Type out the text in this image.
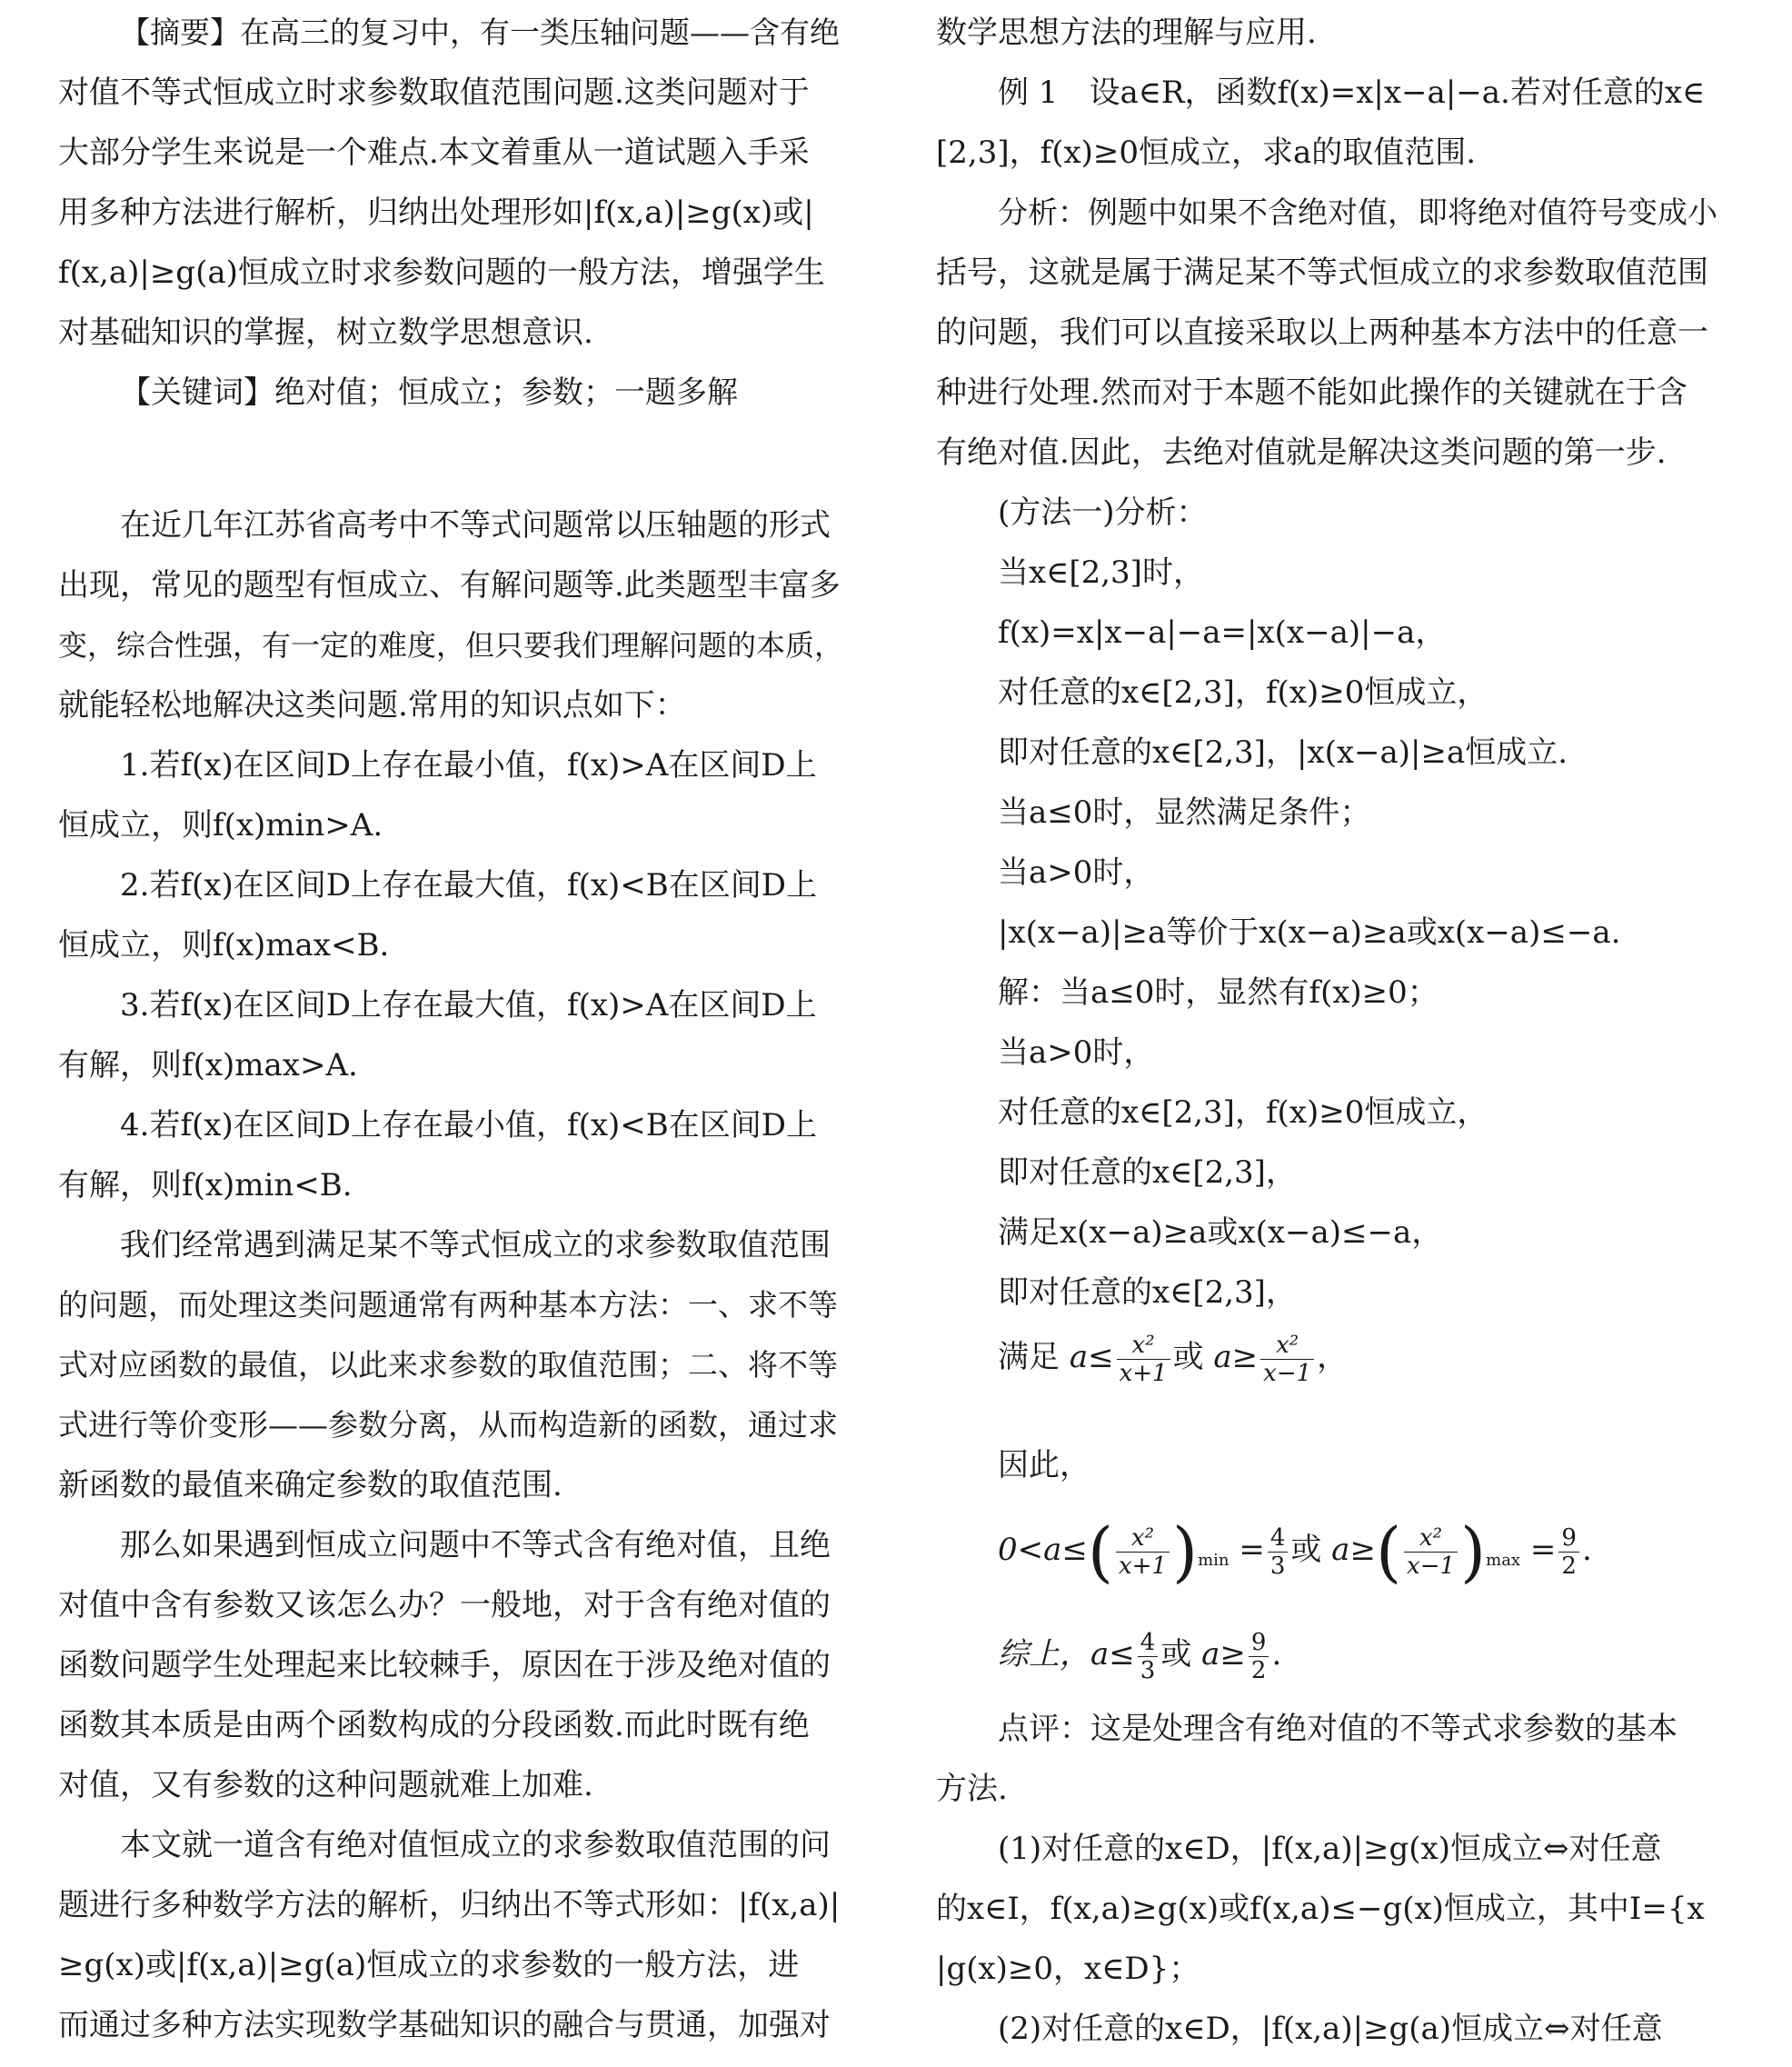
【摘要】在高三的复习中，有一类压轴问题——含有绝
对值不等式恒成立时求参数取值范围问题.这类问题对于
大部分学生来说是一个难点.本文着重从一道试题入手采
用多种方法进行解析，归纳出处理形如|f(x,a)|≥g(x)或|
f(x,a)|≥g(a)恒成立时求参数问题的一般方法，增强学生
对基础知识的掌握，树立数学思想意识.
【关键词】绝对值；恒成立；参数；一题多解
在近几年江苏省高考中不等式问题常以压轴题的形式
出现，常见的题型有恒成立、有解问题等.此类题型丰富多
变，综合性强，有一定的难度，但只要我们理解问题的本质，
就能轻松地解决这类问题.常用的知识点如下：
1.若f(x)在区间D上存在最小值，f(x)>A在区间D上
恒成立，则f(x)min>A.
2.若f(x)在区间D上存在最大值，f(x)<B在区间D上
恒成立，则f(x)max<B.
3.若f(x)在区间D上存在最大值，f(x)>A在区间D上
有解，则f(x)max>A.
4.若f(x)在区间D上存在最小值，f(x)<B在区间D上
有解，则f(x)min<B.
我们经常遇到满足某不等式恒成立的求参数取值范围
的问题，而处理这类问题通常有两种基本方法：一、求不等
式对应函数的最值，以此来求参数的取值范围；二、将不等
式进行等价变形——参数分离，从而构造新的函数，通过求
新函数的最值来确定参数的取值范围.
那么如果遇到恒成立问题中不等式含有绝对值，且绝
对值中含有参数又该怎么办？一般地，对于含有绝对值的
函数问题学生处理起来比较棘手，原因在于涉及绝对值的
函数其本质是由两个函数构成的分段函数.而此时既有绝
对值，又有参数的这种问题就难上加难.
本文就一道含有绝对值恒成立的求参数取值范围的问
题进行多种数学方法的解析，归纳出不等式形如：|f(x,a)|
≥g(x)或|f(x,a)|≥g(a)恒成立的求参数的一般方法，进
而通过多种方法实现数学基础知识的融合与贯通，加强对
满足 $a\le \frac{\text{x²}}{x+1}$ 或 $a\ge \frac{\text{x²}}{x-1}$ ，
$0<a\le( \frac{\text{x²}}{x+1} )_{min} = \frac{4}{3}$ 或 $a\ge( \frac{\text{x²}}{x-1} )_{max} = \frac{9}{2}$ .
综上，$a\le \frac{4}{3}$ 或 $a\ge \frac{9}{2}$ .
数学思想方法的理解与应用.
例 1　设a∈R，函数f(x)=x|x−a|−a.若对任意的x∈
[2,3]，f(x)≥0恒成立，求a的取值范围.
分析：例题中如果不含绝对值，即将绝对值符号变成小
括号，这就是属于满足某不等式恒成立的求参数取值范围
的问题，我们可以直接采取以上两种基本方法中的任意一
种进行处理.然而对于本题不能如此操作的关键就在于含
有绝对值.因此，去绝对值就是解决这类问题的第一步.
(方法一)分析：
当x∈[2,3]时，
f(x)=x|x−a|−a=|x(x−a)|−a，
对任意的x∈[2,3]，f(x)≥0恒成立，
即对任意的x∈[2,3]，|x(x−a)|≥a恒成立.
当a≤0时，显然满足条件；
当a>0时，
|x(x−a)|≥a等价于x(x−a)≥a或x(x−a)≤−a.
解：当a≤0时，显然有f(x)≥0；
当a>0时，
对任意的x∈[2,3]，f(x)≥0恒成立，
即对任意的x∈[2,3]，
满足x(x−a)≥a或x(x−a)≤−a，
即对任意的x∈[2,3]，
因此，
点评：这是处理含有绝对值的不等式求参数的基本
方法.
(1)对任意的x∈D，|f(x,a)|≥g(x)恒成立⇔对任意
的x∈I，f(x,a)≥g(x)或f(x,a)≤−g(x)恒成立，其中I={x
|g(x)≥0，x∈D}；
(2)对任意的x∈D，|f(x,a)|≥g(a)恒成立⇔对任意
